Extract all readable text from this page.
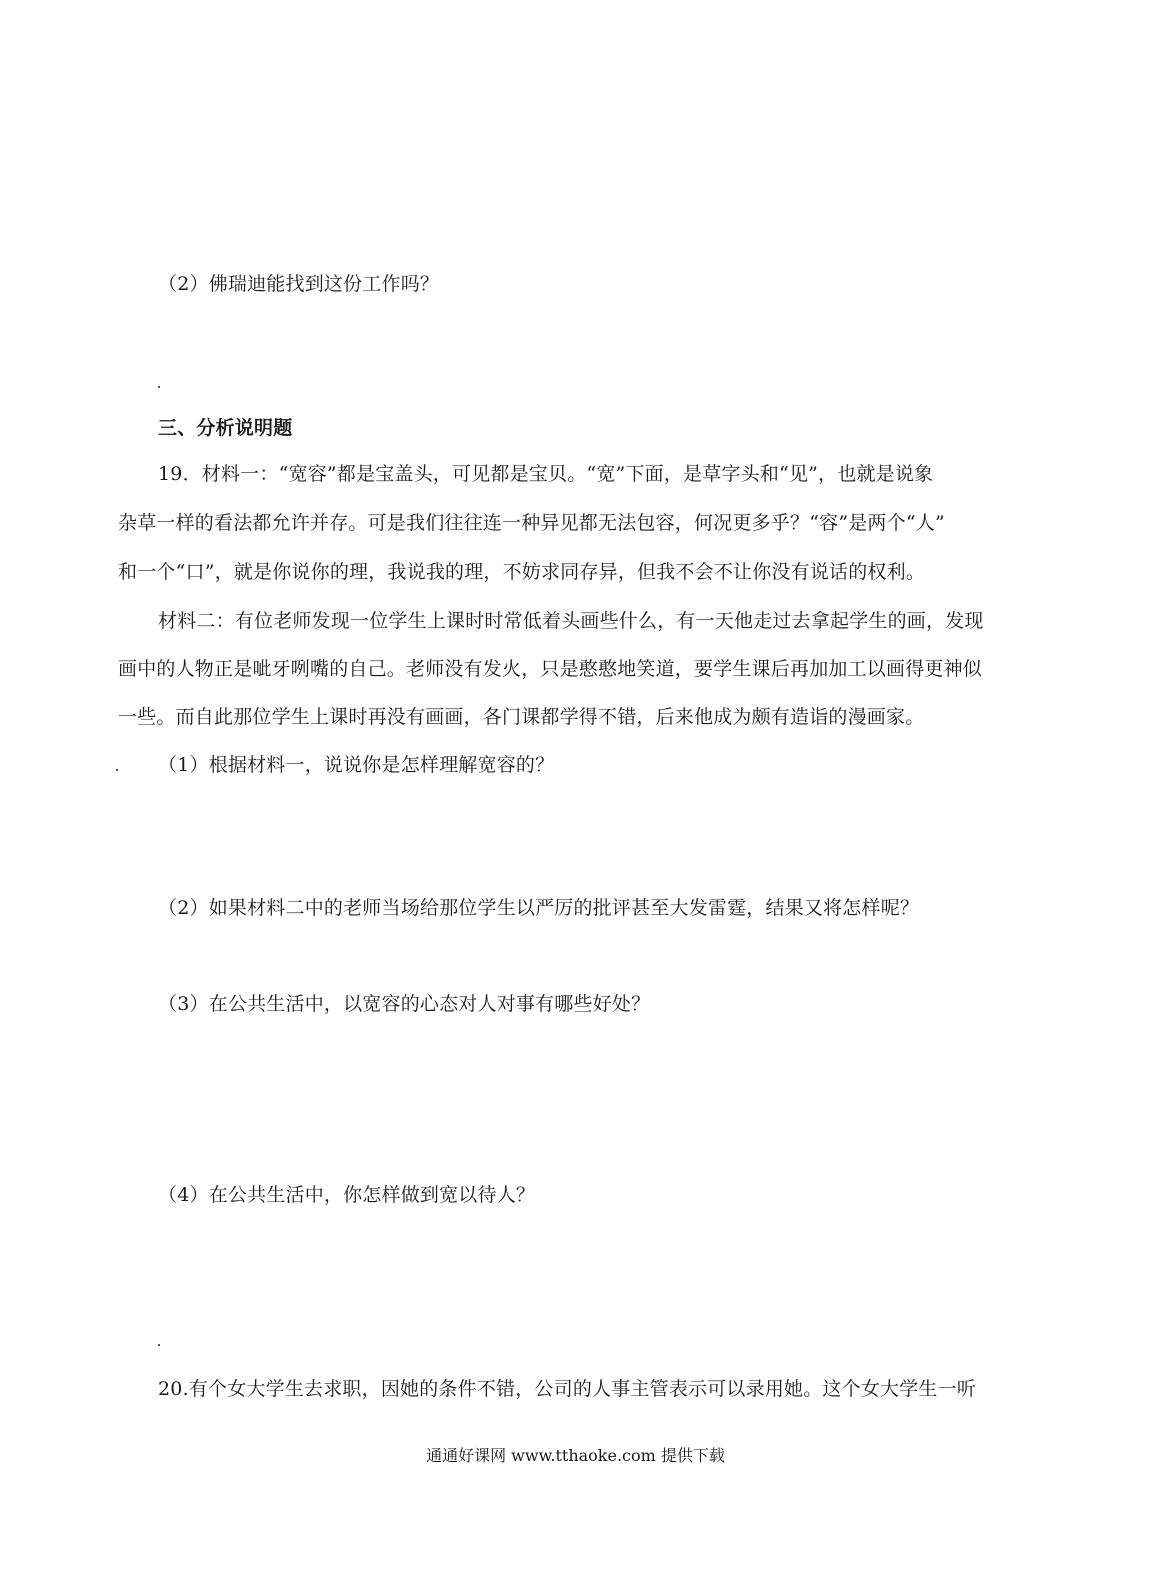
（2）佛瑞迪能找到这份工作吗？
三、分析说明题
19．材料一：“宽容”都是宝盖头，可见都是宝贝。“宽”下面，是草字头和“见”，也就是说象
杂草一样的看法都允许并存。可是我们往往连一种异见都无法包容，何况更多乎？“容”是两个“人”
和一个“口”，就是你说你的理，我说我的理，不妨求同存异，但我不会不让你没有说话的权利。
材料二：有位老师发现一位学生上课时时常低着头画些什么，有一天他走过去拿起学生的画，发现
画中的人物正是呲牙咧嘴的自己。老师没有发火，只是憨憨地笑道，要学生课后再加加工以画得更神似
一些。而自此那位学生上课时再没有画画，各门课都学得不错，后来他成为颇有造诣的漫画家。
（1）根据材料一，说说你是怎样理解宽容的？
（2）如果材料二中的老师当场给那位学生以严厉的批评甚至大发雷霆，结果又将怎样呢？
（3）在公共生活中，以宽容的心态对人对事有哪些好处？
（4）在公共生活中，你怎样做到宽以待人？
20.有个女大学生去求职，因她的条件不错，公司的人事主管表示可以录用她。这个女大学生一听
通通好课网 www.tthaoke.com 提供下载
